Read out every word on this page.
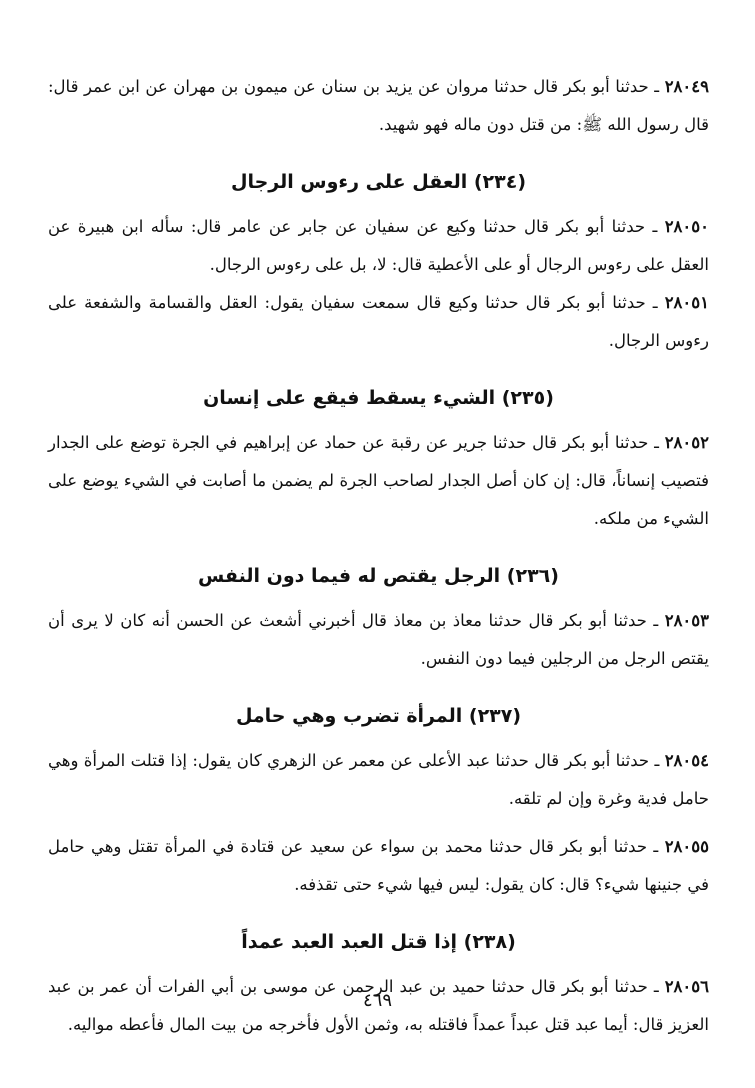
٢٨٠٤٩ ـ حدثنا أبو بكر قال حدثنا مروان عن يزيد بن سنان عن ميمون بن مهران عن ابن عمر قال: قال رسول الله ﷺ: من قتل دون ماله فهو شهيد.

(٢٣٤) العقل على رءوس الرجال

٢٨٠٥٠ ـ حدثنا أبو بكر قال حدثنا وكيع عن سفيان عن جابر عن عامر قال: سأله ابن هبيرة عن العقل على رءوس الرجال أو على الأعطية قال: لا، بل على رءوس الرجال.

٢٨٠٥١ ـ حدثنا أبو بكر قال حدثنا وكيع قال سمعت سفيان يقول: العقل والقسامة والشفعة على رءوس الرجال.

(٢٣٥) الشيء يسقط فيقع على إنسان

٢٨٠٥٢ ـ حدثنا أبو بكر قال حدثنا جرير عن رقبة عن حماد عن إبراهيم في الجرة توضع على الجدار فتصيب إنساناً، قال: إن كان أصل الجدار لصاحب الجرة لم يضمن ما أصابت في الشيء يوضع على الشيء من ملكه.

(٢٣٦) الرجل يقتص له فيما دون النفس

٢٨٠٥٣ ـ حدثنا أبو بكر قال حدثنا معاذ بن معاذ قال أخبرني أشعث عن الحسن أنه كان لا يرى أن يقتص الرجل من الرجلين فيما دون النفس.

(٢٣٧) المرأة تضرب وهي حامل

٢٨٠٥٤ ـ حدثنا أبو بكر قال حدثنا عبد الأعلى عن معمر عن الزهري كان يقول: إذا قتلت المرأة وهي حامل فدية وغرة وإن لم تلقه.

٢٨٠٥٥ ـ حدثنا أبو بكر قال حدثنا محمد بن سواء عن سعيد عن قتادة في المرأة تقتل وهي حامل في جنينها شيء؟ قال: كان يقول: ليس فيها شيء حتى تقذفه.

(٢٣٨) إذا قتل العبد العبد عمداً

٢٨٠٥٦ ـ حدثنا أبو بكر قال حدثنا حميد بن عبد الرحمن عن موسى بن أبي الفرات أن عمر بن عبد العزيز قال: أيما عبد قتل عبداً عمداً فاقتله به، وثمن الأول فأخرجه من بيت المال فأعطه مواليه.

٤٦٩
